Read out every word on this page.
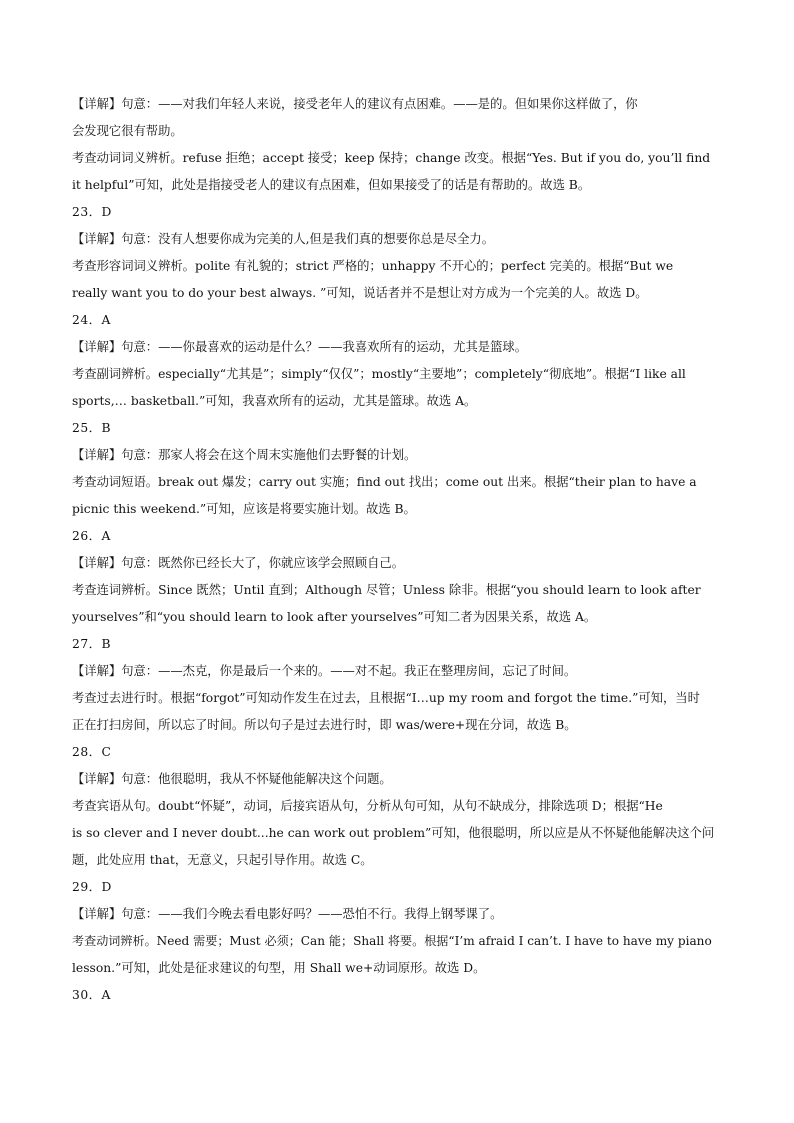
【详解】句意：——对我们年轻人来说，接受老年人的建议有点困难。——是的。但如果你这样做了，你
会发现它很有帮助。
考查动词词义辨析。refuse 拒绝；accept 接受；keep 保持；change 改变。根据“Yes. But if you do, you’ll find
it helpful”可知，此处是指接受老人的建议有点困难，但如果接受了的话是有帮助的。故选 B。
23．D
【详解】句意：没有人想要你成为完美的人,但是我们真的想要你总是尽全力。
考查形容词词义辨析。polite 有礼貌的；strict 严格的；unhappy 不开心的；perfect 完美的。根据“But we
really want you to do your best always. ”可知，说话者并不是想让对方成为一个完美的人。故选 D。
24．A
【详解】句意：——你最喜欢的运动是什么？——我喜欢所有的运动，尤其是篮球。
考查副词辨析。especially“尤其是”；simply“仅仅”；mostly“主要地”；completely“彻底地”。根据“I like all
sports,… basketball.”可知，我喜欢所有的运动，尤其是篮球。故选 A。
25．B
【详解】句意：那家人将会在这个周末实施他们去野餐的计划。
考查动词短语。break out 爆发；carry out 实施；find out 找出；come out 出来。根据“their plan to have a
picnic this weekend.”可知，应该是将要实施计划。故选 B。
26．A
【详解】句意：既然你已经长大了，你就应该学会照顾自己。
考查连词辨析。Since 既然；Until 直到；Although 尽管；Unless 除非。根据“you should learn to look after
yourselves”和“you should learn to look after yourselves”可知二者为因果关系，故选 A。
27．B
【详解】句意：——杰克，你是最后一个来的。——对不起。我正在整理房间，忘记了时间。
考查过去进行时。根据“forgot”可知动作发生在过去，且根据“I…up my room and forgot the time.”可知，当时
正在打扫房间，所以忘了时间。所以句子是过去进行时，即 was/were+现在分词，故选 B。
28．C
【详解】句意：他很聪明，我从不怀疑他能解决这个问题。
考查宾语从句。doubt“怀疑”，动词，后接宾语从句，分析从句可知，从句不缺成分，排除选项 D；根据“He
is so clever and I never doubt...he can work out problem”可知，他很聪明，所以应是从不怀疑他能解决这个问
题，此处应用 that，无意义，只起引导作用。故选 C。
29．D
【详解】句意：——我们今晚去看电影好吗？——恐怕不行。我得上钢琴课了。
考查动词辨析。Need 需要；Must 必须；Can 能；Shall 将要。根据“I’m afraid I can’t. I have to have my piano
lesson.”可知，此处是征求建议的句型，用 Shall we+动词原形。故选 D。
30．A
